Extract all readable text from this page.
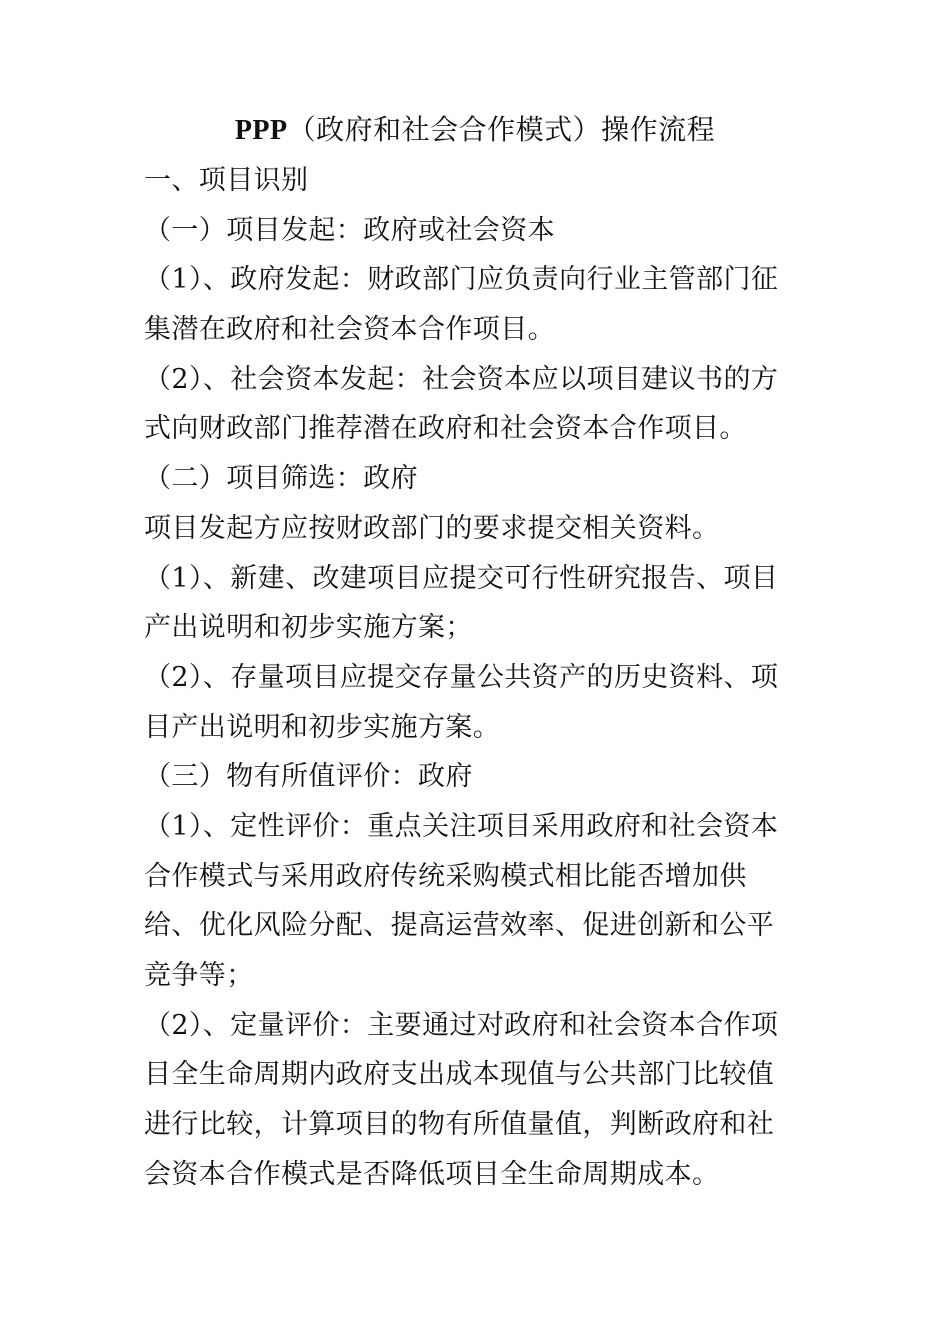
PPP（政府和社会合作模式）操作流程
一、项目识别
（一）项目发起：政府或社会资本
（1）、政府发起：财政部门应负责向行业主管部门征
集潜在政府和社会资本合作项目。
（2）、社会资本发起：社会资本应以项目建议书的方
式向财政部门推荐潜在政府和社会资本合作项目。
（二）项目筛选：政府
项目发起方应按财政部门的要求提交相关资料。
（1）、新建、改建项目应提交可行性研究报告、项目
产出说明和初步实施方案；
（2）、存量项目应提交存量公共资产的历史资料、项
目产出说明和初步实施方案。
（三）物有所值评价：政府
（1）、定性评价：重点关注项目采用政府和社会资本
合作模式与采用政府传统采购模式相比能否增加供
给、优化风险分配、提高运营效率、促进创新和公平
竞争等；
（2）、定量评价：主要通过对政府和社会资本合作项
目全生命周期内政府支出成本现值与公共部门比较值
进行比较，计算项目的物有所值量值，判断政府和社
会资本合作模式是否降低项目全生命周期成本。
